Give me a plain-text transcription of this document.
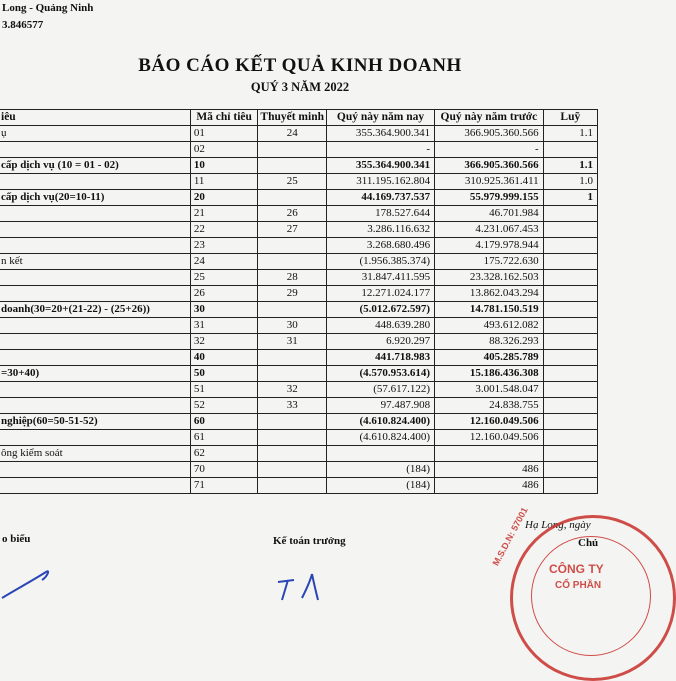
Long - Quảng Ninh
3.846577
BÁO CÁO KẾT QUẢ KINH DOANH
QUÝ 3 NĂM 2022
iêu	Mã chỉ tiêu	Thuyết minh	Quý này năm nay	Quý này năm trước	Luỹ
ụ	01	24	355.364.900.341	366.905.360.566	1.1
	02		-	-	
cấp dịch vụ (10 = 01 - 02)	10		355.364.900.341	366.905.360.566	1.1
	11	25	311.195.162.804	310.925.361.411	1.0
cấp dịch vụ(20=10-11)	20		44.169.737.537	55.979.999.155	1
	21	26	178.527.644	46.701.984	
	22	27	3.286.116.632	4.231.067.453	
	23		3.268.680.496	4.179.978.944	
n kết	24		(1.956.385.374)	175.722.630	
	25	28	31.847.411.595	23.328.162.503	
	26	29	12.271.024.177	13.862.043.294	
doanh(30=20+(21-22) - (25+26))	30		(5.012.672.597)	14.781.150.519	
	31	30	448.639.280	493.612.082	
	32	31	6.920.297	88.326.293	
	40		441.718.983	405.285.789	
=30+40)	50		(4.570.953.614)	15.186.436.308	
	51	32	(57.617.122)	3.001.548.047	
	52	33	97.487.908	24.838.755	
nghiệp(60=50-51-52)	60		(4.610.824.400)	12.160.049.506	
	61		(4.610.824.400)	12.160.049.506	
ông kiểm soát	62				
	70		(184)	486	
	71		(184)	486	
Hạ Long, ngày
o biểu	Kế toán trưởng	Chủ
M.S.D.N: 57001
CÔNG TY
CỔ PHẦN
